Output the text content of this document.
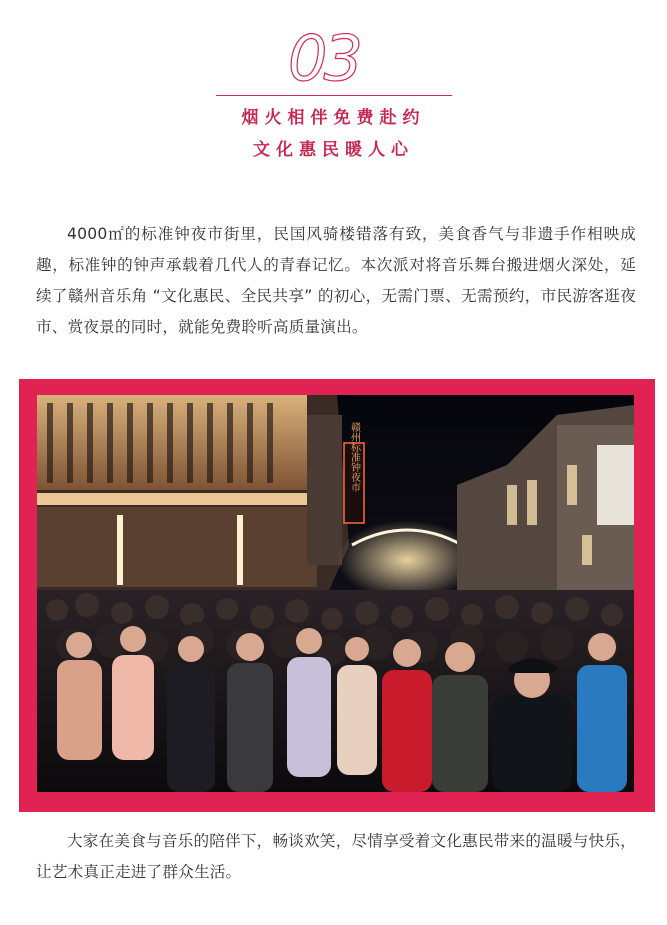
03
烟火相伴免费赴约
文化惠民暖人心

4000㎡的标准钟夜市街里，民国风骑楼错落有致，美食香气与非遗手作相映成趣，标准钟的钟声承载着几代人的青春记忆。本次派对将音乐舞台搬进烟火深处，延续了赣州音乐角 “文化惠民、全民共享” 的初心，无需门票、无需预约，市民游客逛夜市、赏夜景的同时，就能免费聆听高质量演出。

赣州标准钟夜市

大家在美食与音乐的陪伴下，畅谈欢笑，尽情享受着文化惠民带来的温暖与快乐，让艺术真正走进了群众生活。
